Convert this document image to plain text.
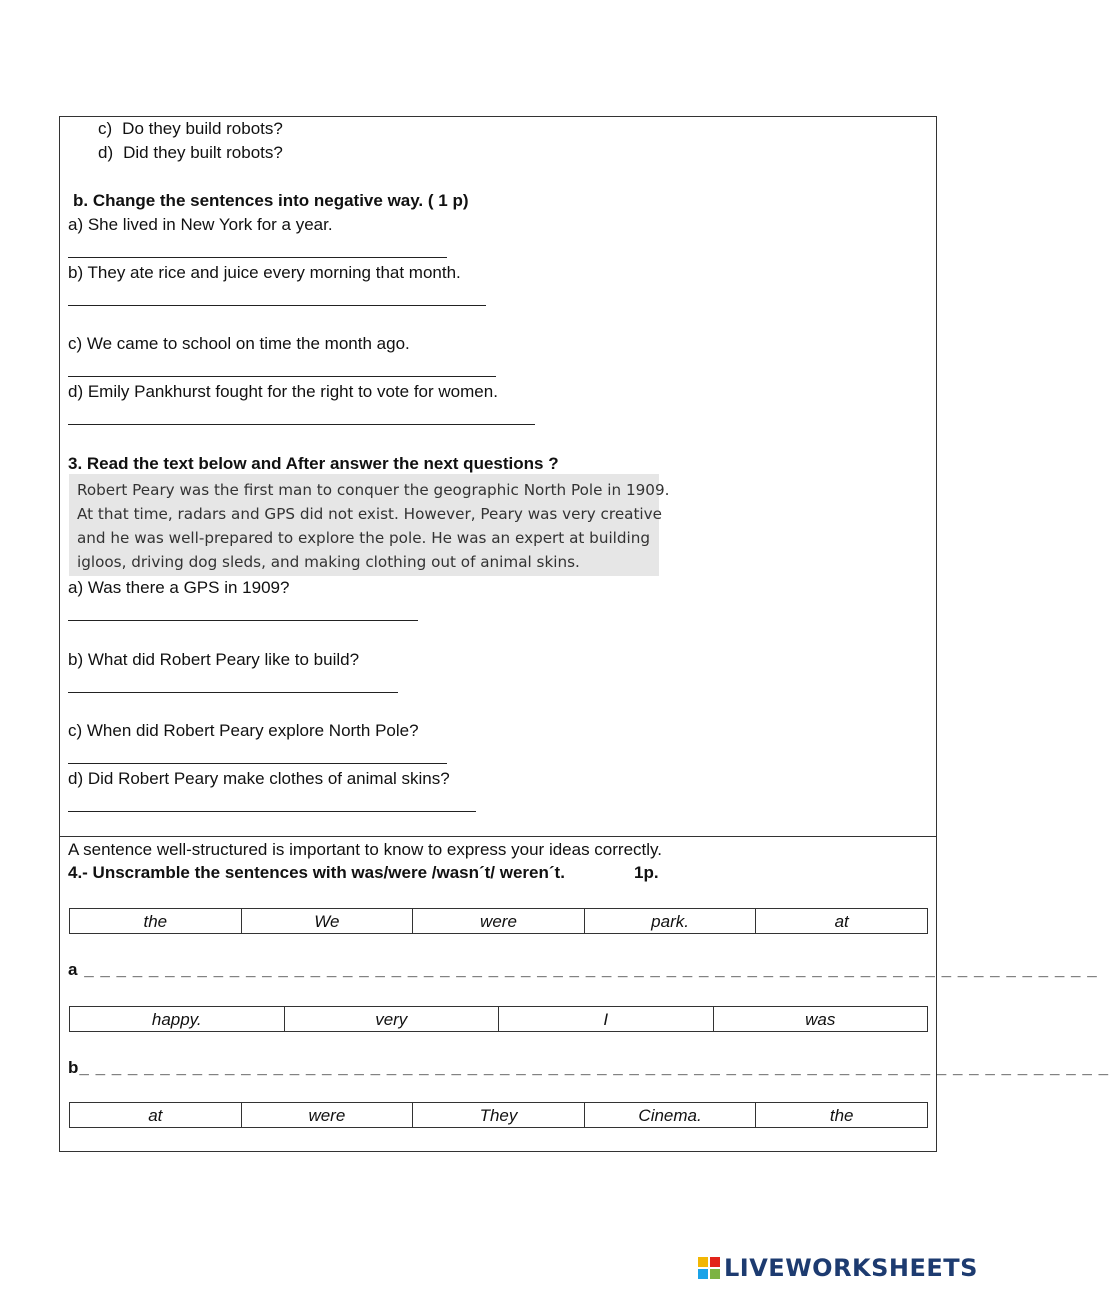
c) Do they build robots?
d) Did they built robots?
b. Change the sentences into negative way. ( 1 p)
a) She lived in New York for a year.
b) They ate rice and juice every morning that month.
c) We came to school on time the month ago.
d) Emily Pankhurst fought for the right to vote for women.
3. Read the text below and After answer the next questions ?
Robert Peary was the first man to conquer the geographic North Pole in 1909.
At that time, radars and GPS did not exist. However, Peary was very creative
and he was well-prepared to explore the pole. He was an expert at building
igloos, driving dog sleds, and making clothing out of animal skins.
a) Was there a GPS in 1909?
b) What did Robert Peary like to build?
c) When did Robert Peary explore North Pole?
d) Did Robert Peary make clothes of animal skins?
A sentence well-structured is important to know to express your ideas correctly.
4.- Unscramble the sentences with was/were /wasn´t/ weren´t.	1p.
the	We	were	park.	at
a _ _ _ _ _ _ _ _ _ _ _ _ _ _ _ _ _ _ _ _ _ _ _ _ _ _ _ _ _ _ _ _ _ _ _ _ _ _ _ _ _ _ _ _ _ _ _ _ _ _ _ _ _ _ _ _ _ _ _ _ _ _ _
happy.	very	I	was
b_ _ _ _ _ _ _ _ _ _ _ _ _ _ _ _ _ _ _ _ _ _ _ _ _ _ _ _ _ _ _ _ _ _ _ _ _ _ _ _ _ _ _ _ _ _ _ _ _ _ _ _ _ _ _ _ _ _ _ _ _ _ _ _
at	were	They	Cinema.	the
LIVEWORKSHEETS
